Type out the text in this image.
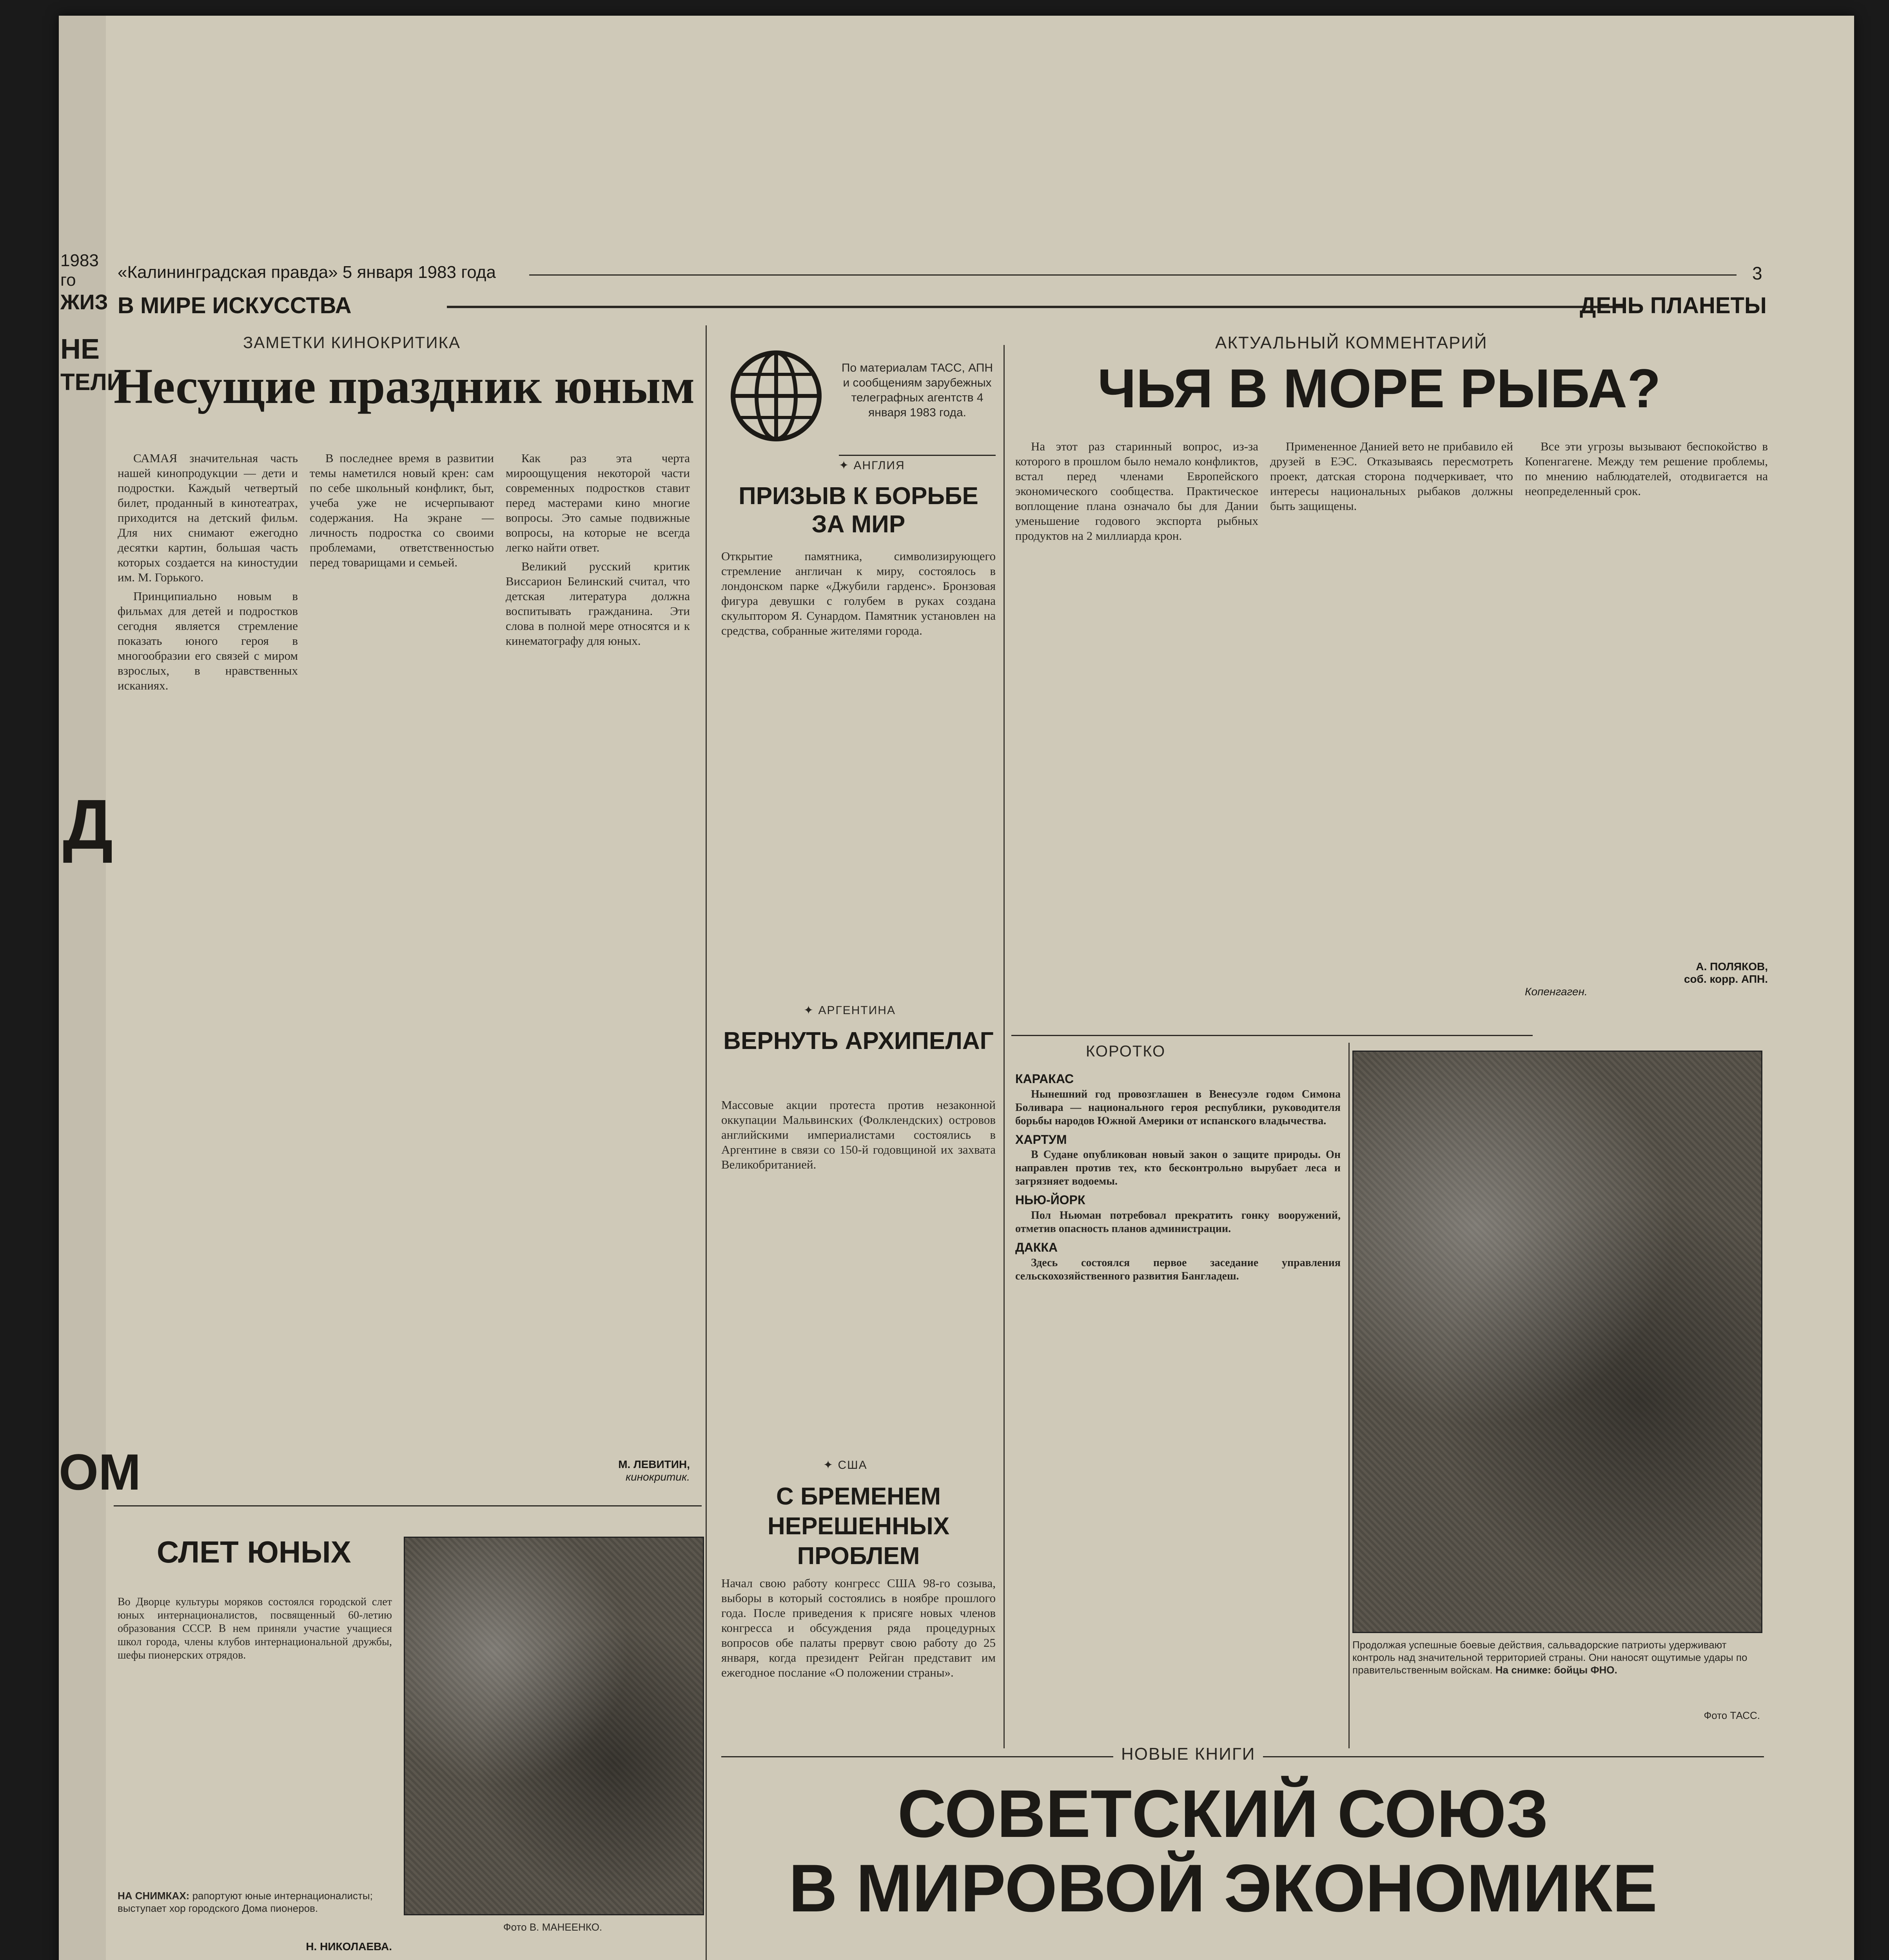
1983 го
ЖИЗ
НЕ
ТЕЛИ
Д
ОМ
«Калининградская правда» 5 января 1983 года	3
В МИРЕ ИСКУССТВА	ДЕНЬ ПЛАНЕТЫ
ЗАМЕТКИ КИНОКРИТИКА
Несущие праздник юным

САМАЯ значительная часть нашей кинопродукции — дети и подростки. Каждый четвертый билет, проданный в кинотеатрах, приходится на детский фильм. Для них снимают ежегодно десятки картин, большая часть которых создается на киностудии им. М. Горького.

Принципиально новым в фильмах для детей и подростков сегодня является стремление показать юного героя в многообразии его связей с миром взрослых, в нравственных исканиях.

В последнее время в развитии темы наметился новый крен: сам по себе школьный конфликт, быт, учеба уже не исчерпывают содержания. На экране — личность подростка со своими проблемами, ответственностью перед товарищами и семьей.

Как раз эта черта мироощущения некоторой части современных подростков ставит перед мастерами кино многие вопросы. Это самые подвижные вопросы, на которые не всегда легко найти ответ.

Великий русский критик Виссарион Белинский считал, что детская литература должна воспитывать гражданина. Эти слова в полной мере относятся и к кинематографу для юных.

М. ЛЕВИТИН,
кинокритик.
СЛЕТ ЮНЫХ
Во Дворце культуры моряков состоялся городской слет юных интернационалистов, посвященный 60-летию образования СССР. В нем приняли участие учащиеся школ города, члены клубов интернациональной дружбы, шефы пионерских отрядов.
НА СНИМКАХ: рапортуют юные интернационалисты; выступает хор городского Дома пионеров.
Н. НИКОЛАЕВА.
Фото В. МАНЕЕНКО.

По материалам ТАСС, АПН и сообщениям зарубежных телеграфных агентств 4 января 1983 года.
✦ АНГЛИЯ
ПРИЗЫВ К БОРЬБЕ ЗА МИР
Открытие памятника, символизирующего стремление англичан к миру, состоялось в лондонском парке «Джубили гарденс». Бронзовая фигура девушки с голубем в руках создана скульптором Я. Сунардом. Памятник установлен на средства, собранные жителями города.
✦ АРГЕНТИНА
ВЕРНУТЬ АРХИПЕЛАГ
Массовые акции протеста против незаконной оккупации Мальвинских (Фолклендских) островов английскими империалистами состоялись в Аргентине в связи со 150-й годовщиной их захвата Великобританией.
✦ США
С БРЕМЕНЕМ НЕРЕШЕННЫХ ПРОБЛЕМ
Начал свою работу конгресс США 98-го созыва, выборы в который состоялись в ноябре прошлого года. После приведения к присяге новых членов конгресса и обсуждения ряда процедурных вопросов обе палаты прервут свою работу до 25 января, когда президент Рейган представит им ежегодное послание «О положении страны».
АКТУАЛЬНЫЙ КОММЕНТАРИЙ
ЧЬЯ В МОРЕ РЫБА?

На этот раз старинный вопрос, из-за которого в прошлом было немало конфликтов, встал перед членами Европейского экономического сообщества. Практическое воплощение плана означало бы для Дании уменьшение годового экспорта рыбных продуктов на 2 миллиарда крон.

Примененное Данией вето не прибавило ей друзей в ЕЭС. Отказываясь пересмотреть проект, датская сторона подчеркивает, что интересы национальных рыбаков должны быть защищены.

Все эти угрозы вызывают беспокойство в Копенгагене. Между тем решение проблемы, по мнению наблюдателей, отодвигается на неопределенный срок.

А. ПОЛЯКОВ,
соб. корр. АПН.
Копенгаген.
КОРОТКО
КАРАКАС

Нынешний год провозглашен в Венесуэле годом Симона Боливара — национального героя республики, руководителя борьбы народов Южной Америки от испанского владычества.

ХАРТУМ

В Судане опубликован новый закон о защите природы. Он направлен против тех, кто бесконтрольно вырубает леса и загрязняет водоемы.

НЬЮ-ЙОРК

Пол Ньюман потребовал прекратить гонку вооружений, отметив опасность планов администрации.

ДАККА

Здесь состоялся первое заседание управления сельскохозяйственного развития Бангладеш.

Продолжая успешные боевые действия, сальвадорские патриоты удерживают контроль над значительной территорией страны. Они наносят ощутимые удары по правительственным войскам. На снимке: бойцы ФНО.
Фото ТАСС.
НОВЫЕ КНИГИ
СОВЕТСКИЙ СОЮЗ
В МИРОВОЙ ЭКОНОМИКЕ
